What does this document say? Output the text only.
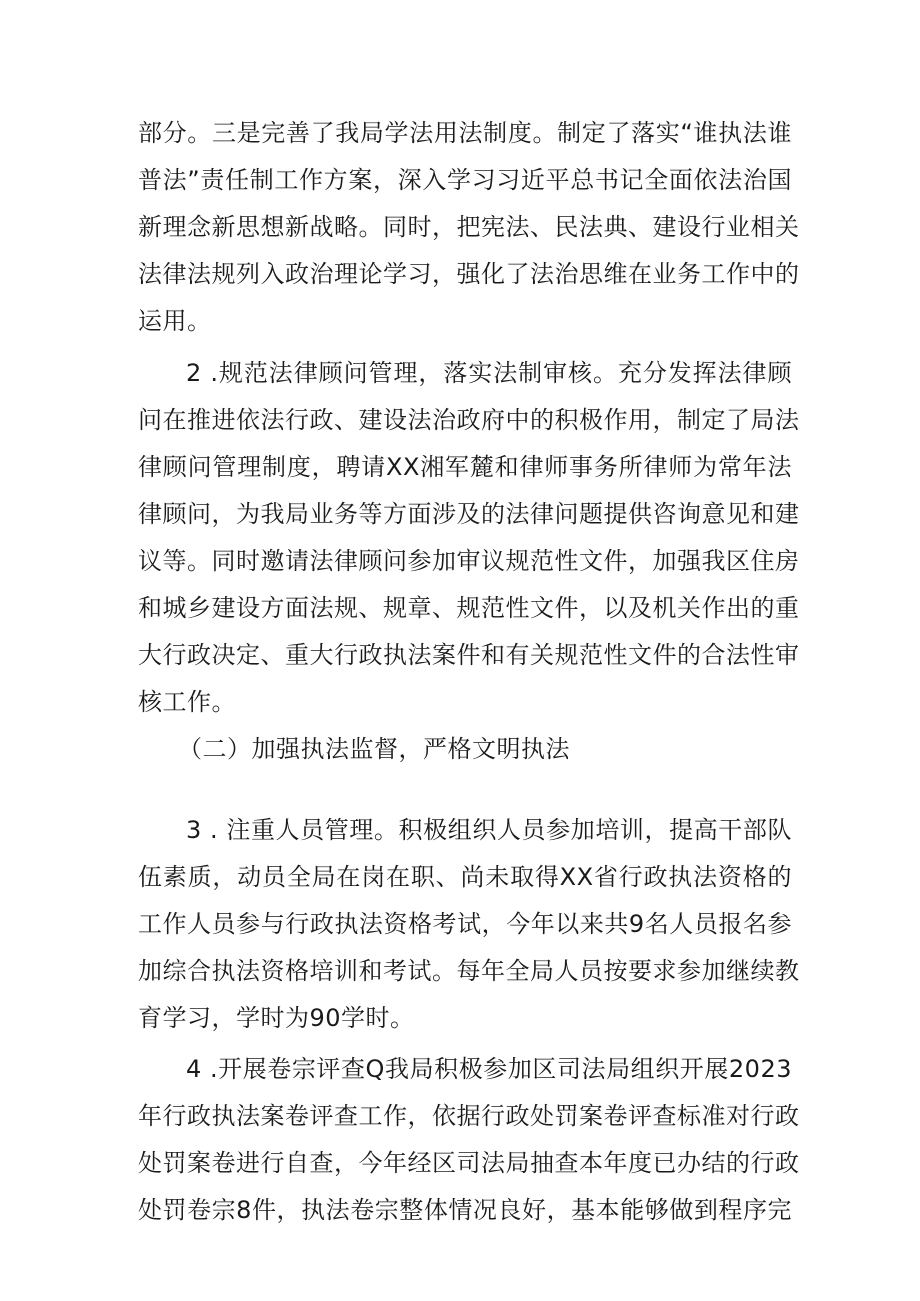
部分。三是完善了我局学法用法制度。制定了落实“谁执法谁
普法”责任制工作方案，深入学习习近平总书记全面依法治国
新理念新思想新战略。同时，把宪法、民法典、建设行业相关
法律法规列入政治理论学习，强化了法治思维在业务工作中的
运用。
2 .规范法律顾问管理，落实法制审核。充分发挥法律顾
问在推进依法行政、建设法治政府中的积极作用，制定了局法
律顾问管理制度，聘请XX湘军麓和律师事务所律师为常年法
律顾问，为我局业务等方面涉及的法律问题提供咨询意见和建
议等。同时邀请法律顾问参加审议规范性文件，加强我区住房
和城乡建设方面法规、规章、规范性文件，以及机关作出的重
大行政决定、重大行政执法案件和有关规范性文件的合法性审
核工作。
（二）加强执法监督，严格文明执法
3 . 注重人员管理。积极组织人员参加培训，提高干部队
伍素质，动员全局在岗在职、尚未取得XX省行政执法资格的
工作人员参与行政执法资格考试，今年以来共9名人员报名参
加综合执法资格培训和考试。每年全局人员按要求参加继续教
育学习，学时为90学时。
4 .开展卷宗评查Q我局积极参加区司法局组织开展2023
年行政执法案卷评查工作，依据行政处罚案卷评查标准对行政
处罚案卷进行自查，今年经区司法局抽查本年度已办结的行政
处罚卷宗8件，执法卷宗整体情况良好，基本能够做到程序完
